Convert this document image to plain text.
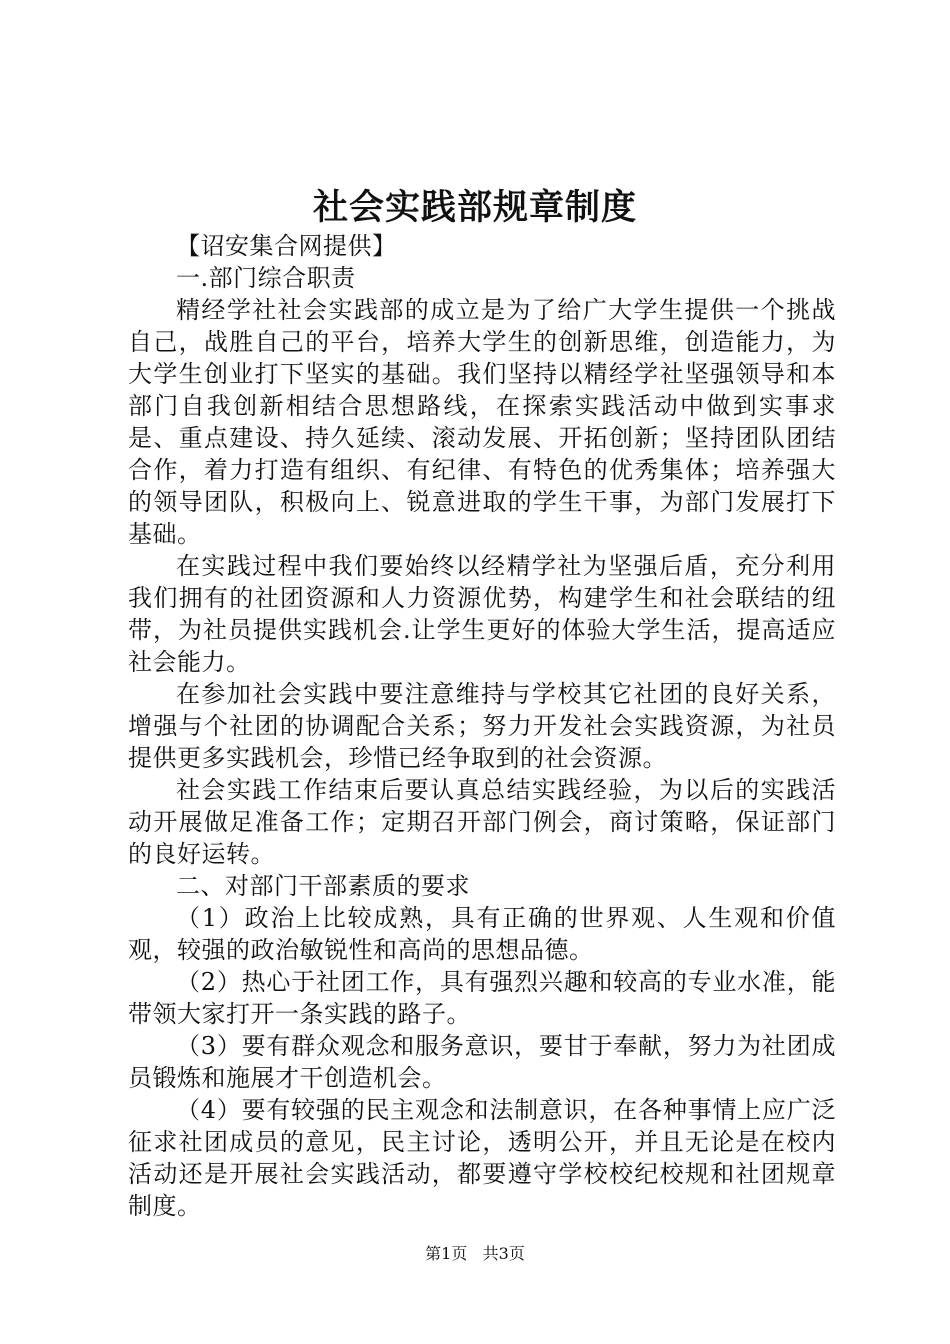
社会实践部规章制度

【诏安集合网提供】

一.部门综合职责

精经学社社会实践部的成立是为了给广大学生提供一个挑战自己，战胜自己的平台，培养大学生的创新思维，创造能力，为大学生创业打下坚实的基础。我们坚持以精经学社坚强领导和本部门自我创新相结合思想路线，在探索实践活动中做到实事求是、重点建设、持久延续、滚动发展、开拓创新；坚持团队团结合作，着力打造有组织、有纪律、有特色的优秀集体；培养强大的领导团队，积极向上、锐意进取的学生干事，为部门发展打下基础。

在实践过程中我们要始终以经精学社为坚强后盾，充分利用我们拥有的社团资源和人力资源优势，构建学生和社会联结的纽带，为社员提供实践机会.让学生更好的体验大学生活，提高适应社会能力。

在参加社会实践中要注意维持与学校其它社团的良好关系，增强与个社团的协调配合关系；努力开发社会实践资源，为社员提供更多实践机会，珍惜已经争取到的社会资源。

社会实践工作结束后要认真总结实践经验，为以后的实践活动开展做足准备工作；定期召开部门例会，商讨策略，保证部门的良好运转。

二、对部门干部素质的要求

（1）政治上比较成熟，具有正确的世界观、人生观和价值观，较强的政治敏锐性和高尚的思想品德。

（2）热心于社团工作，具有强烈兴趣和较高的专业水准，能带领大家打开一条实践的路子。

（3）要有群众观念和服务意识，要甘于奉献，努力为社团成员锻炼和施展才干创造机会。

（4）要有较强的民主观念和法制意识，在各种事情上应广泛征求社团成员的意见，民主讨论，透明公开，并且无论是在校内活动还是开展社会实践活动，都要遵守学校校纪校规和社团规章制度。

第1页 共3页
